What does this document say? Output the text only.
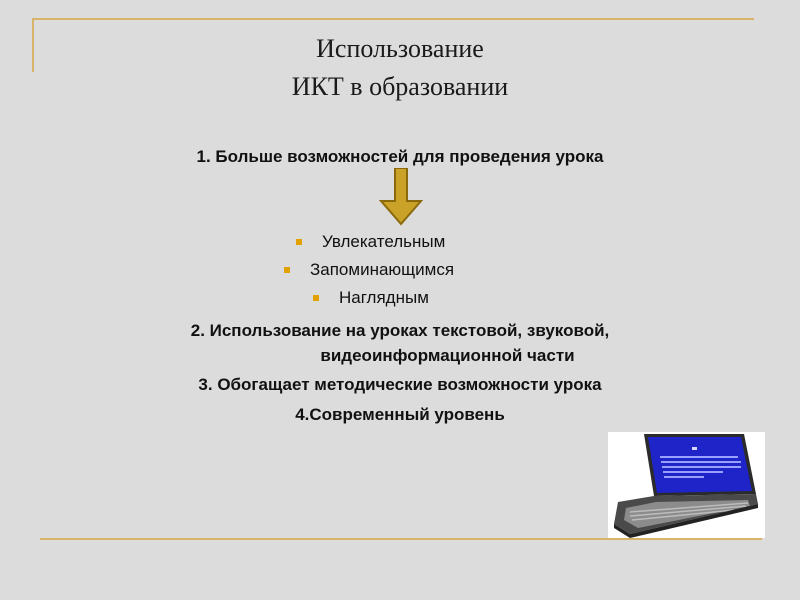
Использование
ИКТ в образовании
1. Больше возможностей для проведения урока
Увлекательным
Запоминающимся
Наглядным
2. Использование на уроках текстовой, звуковой,
видеоинформационной части
3. Обогащает методические возможности урока
4.Современный уровень
